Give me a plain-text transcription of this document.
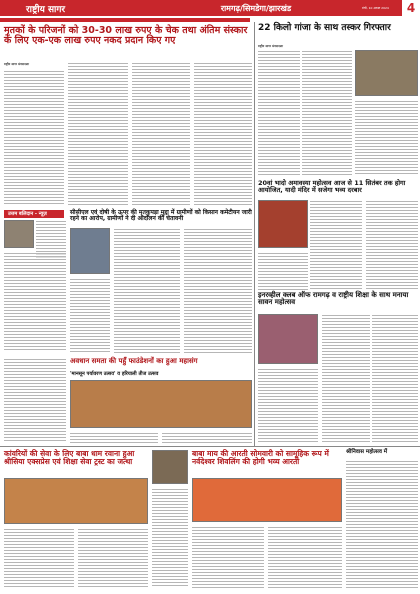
राष्ट्रीय सागर	रामगढ़/सिमडेगा/झारखंड	रांची, 10 अगस्त 2024	4
मृतकों के परिजनों को 30-30 लाख रुपए के चेक तथा अंतिम संस्कार के लिए एक-एक लाख रुपए नकद प्रदान किए गए
राष्ट्रीय सागर संवाददाता
उत्तम बलिदान - न्यूज़	सीसीएल एवं दोषी के ऊपर की मृतकुपड़ा मुद्दा में ग्रामीणों को किसान कमेटीयन जारी रहने का आरोप, ग्रामीणों ने दी आंदोलन की चेतावनी
22 किलो गांजा के साथ तस्कर गिरफ्तार
राष्ट्रीय सागर संवाददाता
20वां भादो अमावस्या महोत्सव आज से 11 सितंबर तक होगा आयोजित, यादी मंदिर में सजेगा भव्य दरबार
इनरव्हील क्लब ऑफ रामगढ़ व राष्ट्रीय शिक्षा के साथ मनाया सावन महोत्सव
अवधान समता की पहुँ फाउंडेशनों का हुआ महासंग
'मानसून पर्यावरण उत्सव' व हरियाली तीज उत्सव
कांवरियों की सेवा के लिए बाबा धाम रवाना हुआ श्रीसिया एक्सप्रेस एवं शिक्षा सेवा ट्रस्ट का जत्था
बाबा माय की आरती सोमवारी को सामूहिक रूप में नर्वदेश्वर शिवलिंग की होगी भव्य आरती
श्रीनिवास महोत्सव में
